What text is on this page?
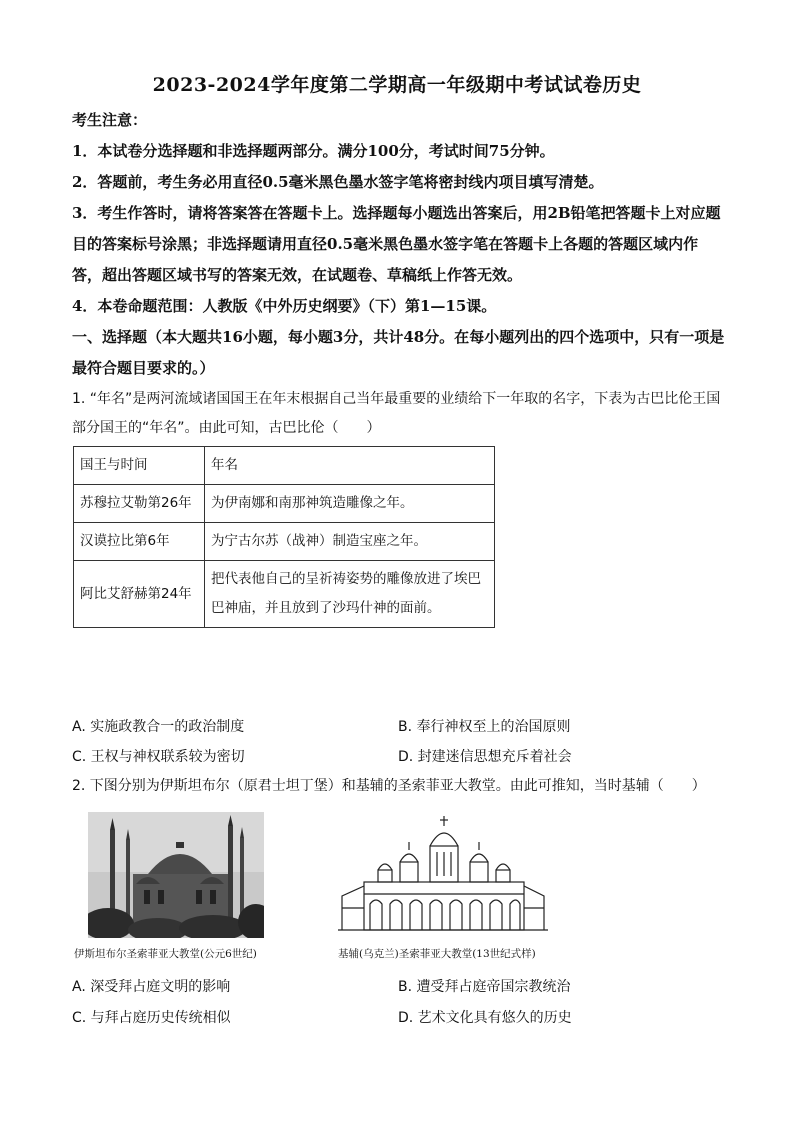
2023-2024学年度第二学期高一年级期中考试试卷历史
考生注意：
1．本试卷分选择题和非选择题两部分。满分100分，考试时间75分钟。
2．答题前，考生务必用直径0.5毫米黑色墨水签字笔将密封线内项目填写清楚。
3．考生作答时，请将答案答在答题卡上。选择题每小题选出答案后，用2B铅笔把答题卡上对应题目的答案标号涂黑；非选择题请用直径0.5毫米黑色墨水签字笔在答题卡上各题的答题区域内作答，超出答题区域书写的答案无效，在试题卷、草稿纸上作答无效。
4．本卷命题范围：人教版《中外历史纲要》（下）第1—15课。
一、选择题（本大题共16小题，每小题3分，共计48分。在每小题列出的四个选项中，只有一项是最符合题目要求的。）
1. “年名”是两河流域诸国国王在年末根据自己当年最重要的业绩给下一年取的名字，下表为古巴比伦王国部分国王的“年名”。由此可知，古巴比伦（　　）
国王与时间	年名
苏穆拉艾勒第26年	为伊南娜和南那神筑造雕像之年。
汉谟拉比第6年	为宁古尔苏（战神）制造宝座之年。
阿比艾舒赫第24年	把代表他自己的呈祈祷姿势的雕像放进了埃巴巴神庙，并且放到了沙玛什神的面前。
A. 实施政教合一的政治制度	B. 奉行神权至上的治国原则
C. 王权与神权联系较为密切	D. 封建迷信思想充斥着社会
2. 下图分别为伊斯坦布尔（原君士坦丁堡）和基辅的圣索菲亚大教堂。由此可推知，当时基辅（　　）
伊斯坦布尔圣索菲亚大教堂(公元6世纪)	基辅(乌克兰)圣索菲亚大教堂(13世纪式样)
A. 深受拜占庭文明的影响	B. 遭受拜占庭帝国宗教统治
C. 与拜占庭历史传统相似	D. 艺术文化具有悠久的历史
